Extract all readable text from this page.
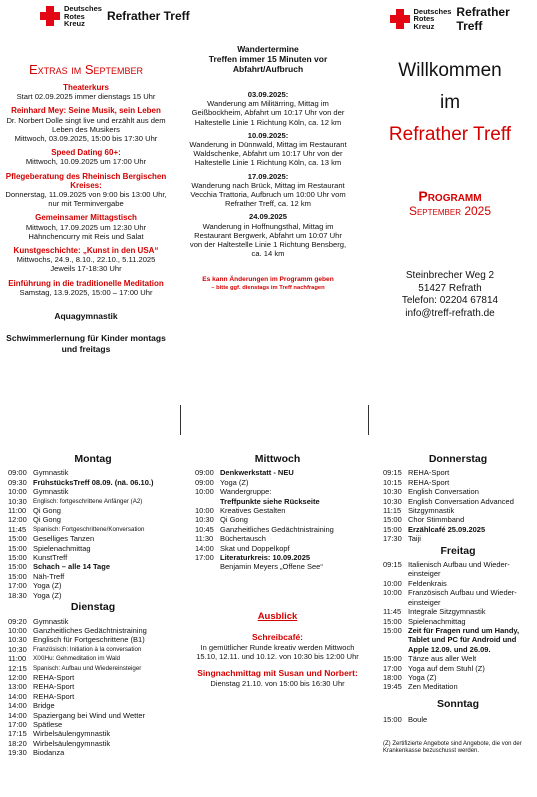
Deutsches
Rotes
Kreuz
Refrather Treff	Deutsches
Rotes
Kreuz
Refrather Treff
Extras im September

Theaterkurs

Start 02.09.2025 immer dienstags 15 Uhr

Reinhard Mey: Seine Musik, sein Leben

Dr. Norbert Dolle singt live und erzählt aus dem Leben des Musikers

Mittwoch, 03.09.2025, 15:00 bis 17:30 Uhr

Speed Dating 60+:

Mittwoch, 10.09.2025 um 17:00 Uhr

Pflegeberatung des Rheinisch Bergischen Kreises:

Donnerstag, 11.09.2025 von 9:00 bis 13:00 Uhr, nur mit Terminvergabe

Gemeinsamer Mittagstisch

Mittwoch, 17.09.2025 um 12:30 Uhr

Hähnchencurry mit Reis und Salat

Kunstgeschichte: „Kunst in den USA“

Mittwochs, 24.9., 8.10., 22.10., 5.11.2025

Jeweils 17-18:30 Uhr

Einführung in die traditionelle Meditation

Samstag, 13.9.2025, 15:00 – 17:00 Uhr

Aquagymnastik
Schwimmerlernung für Kinder montags und freitags
Wandertermine
Treffen immer 15 Minuten vor Abfahrt/Aufbruch

03.09.2025:

Wanderung am Militärring, Mittag im Geißbockheim, Abfahrt um 10:17 Uhr von der Haltestelle Linie 1 Richtung Köln, ca. 12 km

10.09.2025:

Wanderung in Dünnwald, Mittag im Restaurant Waldschenke, Abfahrt um 10:17 Uhr von der Haltestelle Linie 1 Richtung Köln, ca. 13 km

17.09.2025:

Wanderung nach Brück, Mittag im Restaurant Vecchia Trattoria, Aufbruch um 10:00 Uhr vom Refrather Treff, ca. 12 km

24.09.2025

Wanderung in Hoffnungsthal, Mittag im Restaurant Bergwerk, Abfahrt um 10:07 Uhr von der Haltestelle Linie 1 Richtung Bensberg, ca. 14 km

Es kann Änderungen im Programm geben
– bitte ggf. dienstags im Treff nachfragen
Willkommen
im
Refrather Treff
Programm
September 2025
Steinbrecher Weg 2
51427 Refrath
Telefon: 02204 67814
info@treff-refrath.de
Montag
09:00 Gymnastik
09:30 FrühstücksTreff 08.09. (nä. 06.10.)
10:00 Gymnastik
10:30	Englisch: fortgeschrittene Anfänger (A2)
11:00 Qi Gong
12:00 Qi Gong
11:45	Spanisch: Fortgeschrittene/Konversation
15:00 Geselliges Tanzen
15:00 Spielenachmittag
15:00 KunstTreff
15:00 Schach – alle 14 Tage
15:00 Näh-Treff
17:00 Yoga (Z)
18:30 Yoga (Z)
Dienstag
09:20 Gymnastik
10:00 Ganzheitliches Gedächtnistraining
10:30 Englisch für Fortgeschrittene (B1)
10:30	Französisch: Initiation à la conversation
11:00	XIXIHu: Gehmeditation im Wald
12:15	Spanisch: Aufbau und Wiedereinsteiger
12:00 REHA-Sport
13:00 REHA-Sport
14:00 REHA-Sport
14:00 Bridge
14:00 Spaziergang bei Wind und Wetter
17:00 Spätlese
17:15 Wirbelsäulengymnastik
18:20 Wirbelsäulengymnastik
19:30 Biodanza
Mittwoch
09:00 Denkwerkstatt - NEU
09:00 Yoga (Z)
10:00 Wandergruppe:
Treffpunkte siehe Rückseite
10:00 Kreatives Gestalten
10:30 Qi Gong
10:45 Ganzheitliches Gedächtnistraining
11:30 Büchertausch
14:00 Skat und Doppelkopf
17:00 Literaturkreis: 10.09.2025
Benjamin Meyers „Offene See“
Ausblick
Schreibcafé:
In gemütlicher Runde kreativ werden Mittwoch 15.10, 12.11. und 10.12. von 10:30 bis 12:00 Uhr
Singnachmittag mit Susan und Norbert:
Dienstag 21.10. von 15:00 bis 16:30 Uhr
Donnerstag
09:15 REHA-Sport
10:15 REHA-Sport
10:30 English Conversation
10:30 English Conversation Advanced
11:15 Sitzgymnastik
15:00 Chor Stimmband
15:00 Erzählcafé 25.09.2025
17:30 Taiji
Freitag
09:15 Italienisch Aufbau und Wieder-einsteiger
10:00 Feldenkrais
10:00 Französisch Aufbau und Wieder-einsteiger
11:45 Integrale Sitzgymnastik
15:00 Spielenachmittag
15:00 Zeit für Fragen rund um Handy, Tablet und PC für Android und Apple 12.09. und 26.09.
15:00 Tänze aus aller Welt
17:00 Yoga auf dem Stuhl (Z)
18:00 Yoga (Z)
19:45 Zen Meditation
Sonntag
15:00 Boule
(Z) Zertifizierte Angebote sind Angebote, die von der Krankenkasse bezuschusst werden.
